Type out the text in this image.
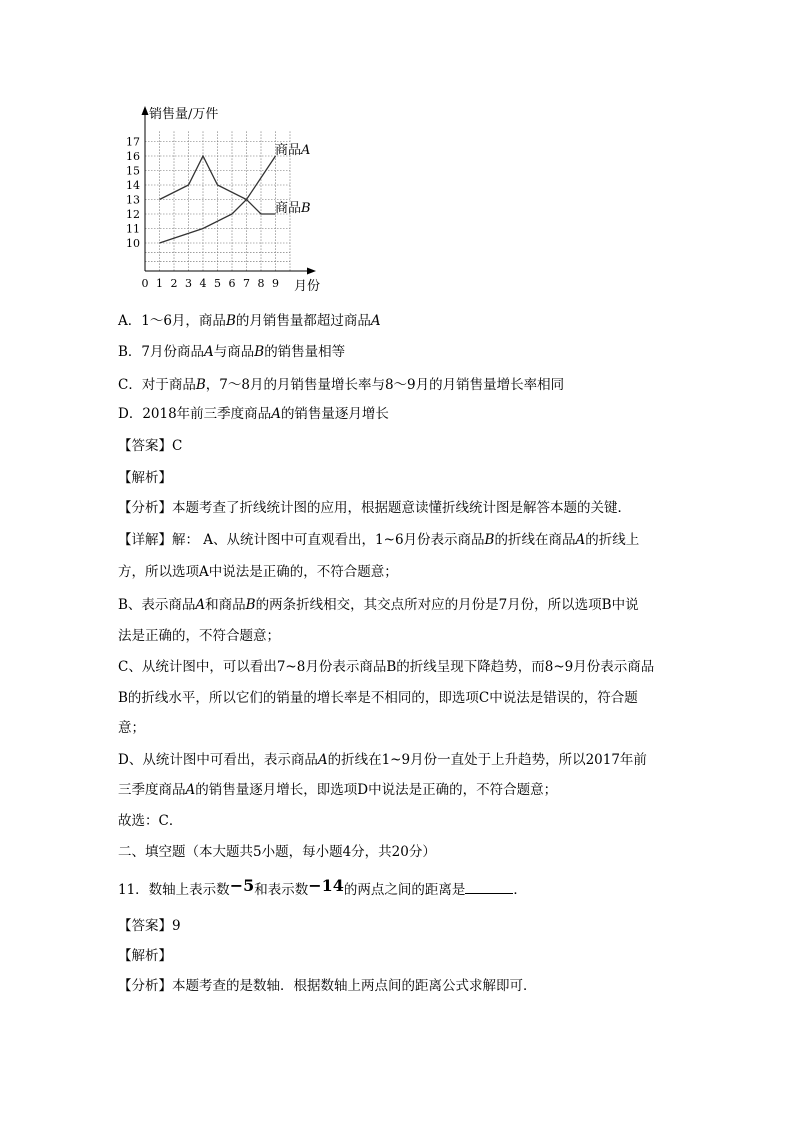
10
11
12
13
14
15
16
17
0 1 2 3 4 5 6 7 8 9
销售量/万件
月份
商品A
商品B
A．1～6月，商品B的月销售量都超过商品A
B．7月份商品A与商品B的销售量相等
C．对于商品B，7～8月的月销售量增长率与8～9月的月销售量增长率相同
D．2018年前三季度商品A的销售量逐月增长
【答案】C
【解析】
【分析】本题考查了折线统计图的应用，根据题意读懂折线统计图是解答本题的关键．
【详解】解： A、从统计图中可直观看出，1~6月份表示商品B的折线在商品A的折线上
方，所以选项A中说法是正确的，不符合题意；
B、表示商品A和商品B的两条折线相交，其交点所对应的月份是7月份，所以选项B中说
法是正确的，不符合题意；
C、从统计图中，可以看出7~8月份表示商品B的折线呈现下降趋势，而8~9月份表示商品
B的折线水平，所以它们的销量的增长率是不相同的，即选项C中说法是错误的，符合题
意；
D、从统计图中可看出，表示商品A的折线在1~9月份一直处于上升趋势，所以2017年前
三季度商品A的销售量逐月增长，即选项D中说法是正确的，不符合题意；
故选：C．
二、填空题（本大题共5小题，每小题4分，共20分）
11．数轴上表示数−5和表示数−14的两点之间的距离是	．
【答案】9
【解析】
【分析】本题考查的是数轴．根据数轴上两点间的距离公式求解即可．
